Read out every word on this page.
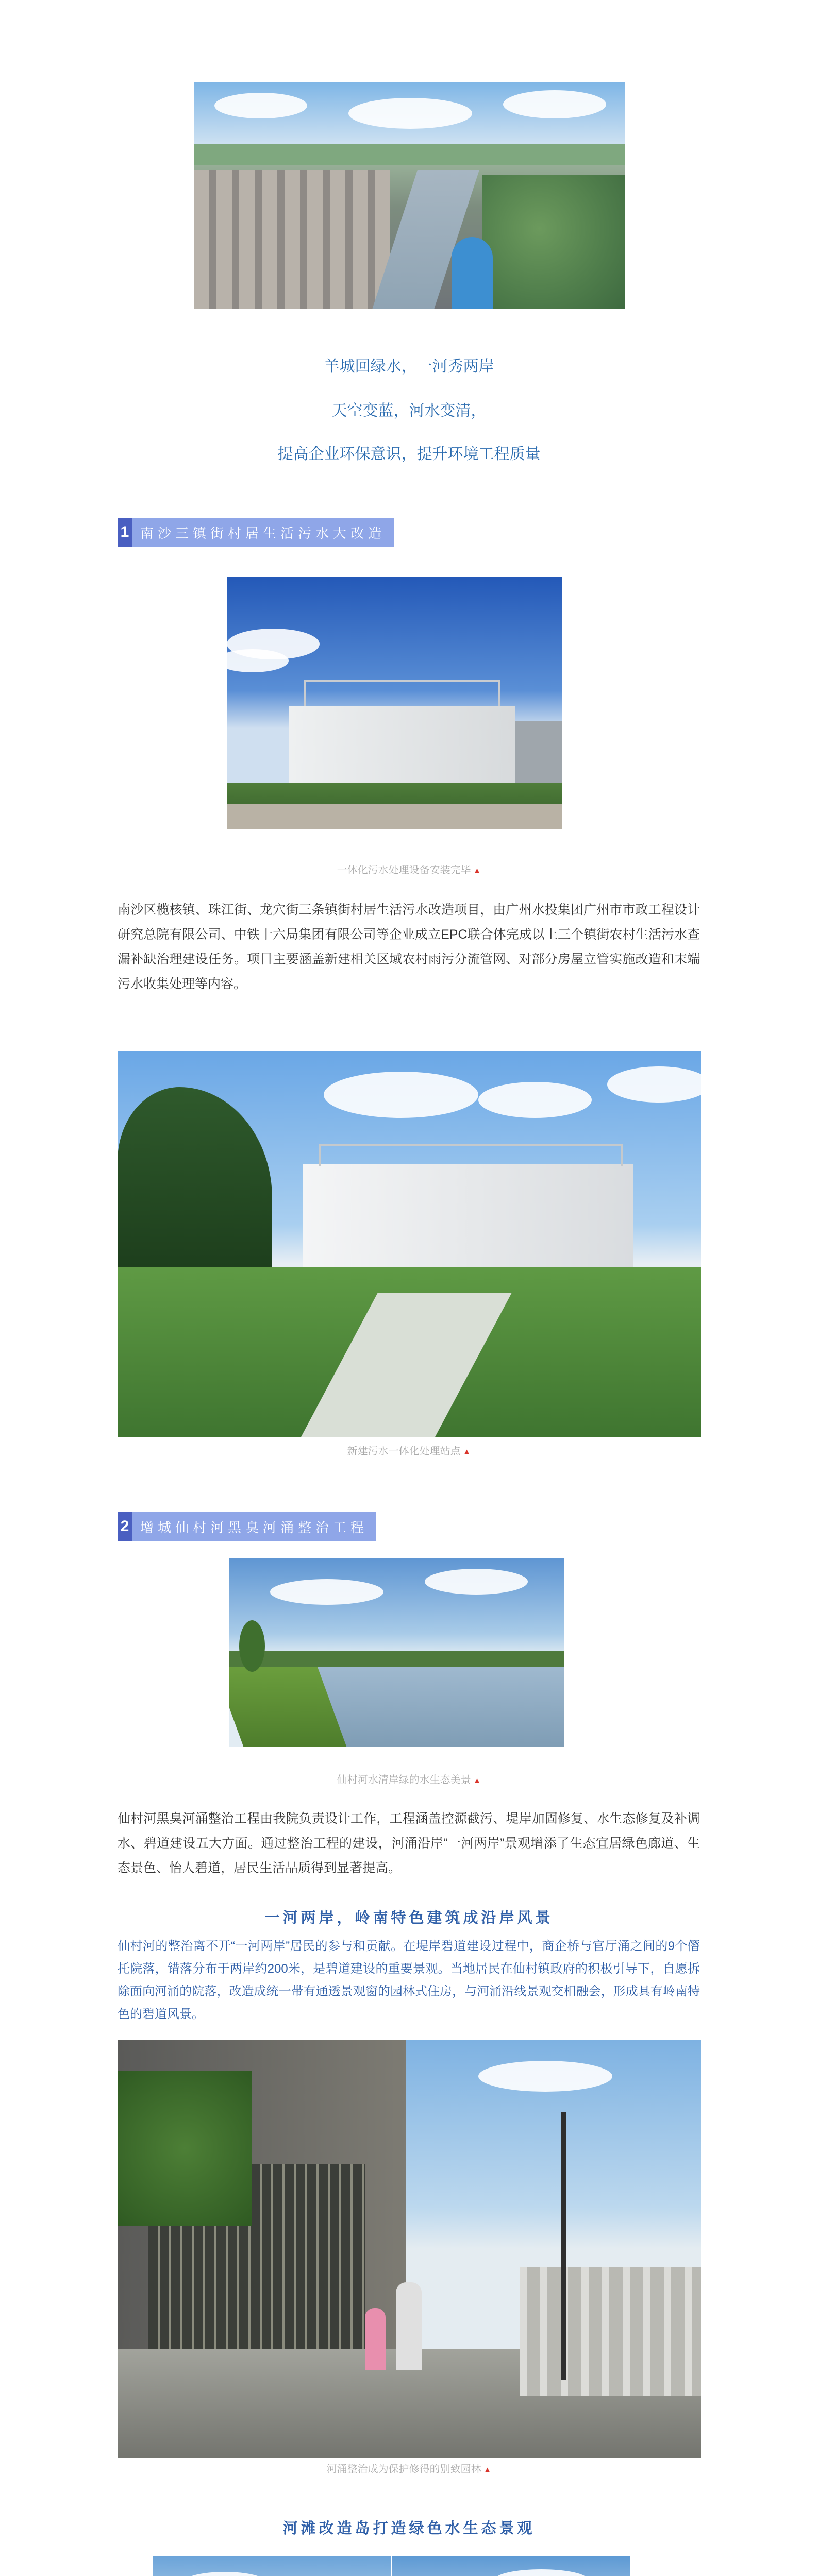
羊城回绿水，一河秀两岸

天空变蓝，河水变清，

提高企业环保意识，提升环境工程质量

1 南沙三镇街村居生活污水大改造
一体化污水处理设备安装完毕 ▲
南沙区榄核镇、珠江街、龙穴街三条镇街村居生活污水改造项目，由广州水投集团广州市市政工程设计研究总院有限公司、中铁十六局集团有限公司等企业成立EPC联合体完成以上三个镇街农村生活污水查漏补缺治理建设任务。项目主要涵盖新建相关区域农村雨污分流管网、对部分房屋立管实施改造和末端污水收集处理等内容。
新建污水一体化处理站点 ▲
2 增城仙村河黑臭河涌整治工程
仙村河水清岸绿的水生态美景 ▲
仙村河黑臭河涌整治工程由我院负责设计工作，工程涵盖控源截污、堤岸加固修复、水生态修复及补调水、碧道建设五大方面。通过整治工程的建设，河涌沿岸“一河两岸”景观增添了生态宜居绿色廊道、生态景色、怡人碧道，居民生活品质得到显著提高。
一河两岸，岭南特色建筑成沿岸风景
仙村河的整治离不开“一河两岸”居民的参与和贡献。在堤岸碧道建设过程中，商企桥与官厅涌之间的9个僭托院落，错落分布于两岸约200米，是碧道建设的重要景观。当地居民在仙村镇政府的积极引导下，自愿拆除面向河涌的院落，改造成统一带有通透景观窗的园林式住房，与河涌沿线景观交相融会，形成具有岭南特色的碧道风景。
河涌整治成为保护修得的别致园林 ▲
河滩改造岛打造绿色水生态景观
